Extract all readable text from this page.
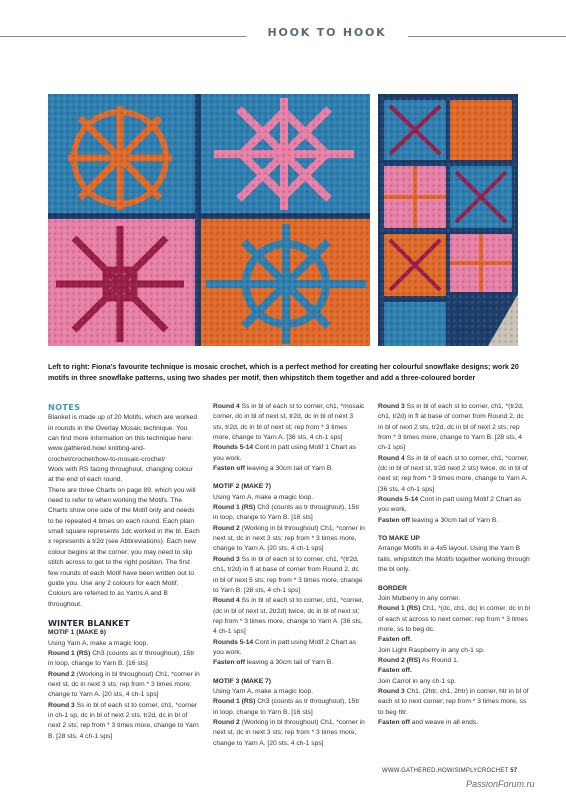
HOOK TO HOOK
Left to right: Fiona’s favourite technique is mosaic crochet, which is a perfect method for creating her colourful snowflake designs; work 20 motifs in three snowflake patterns, using two shades per motif, then whipstitch them together and add a three-coloured border
NOTES

Blanket is made up of 20 Motifs, which are worked in rounds in the Overlay Mosaic technique. You can find more information on this technique here: www.gathered.how/ knitting-and-crochet/crochet/how-to-mosaic-crochet/

Work with RS facing throughout, changing colour at the end of each round.

There are three Charts on page 89, which you will need to refer to when working the Motifs. The Charts show one side of the Motif only and needs to be repeated 4 times on each round. Each plain small square represents 1dc worked in the bl. Each x represents a tr2d (see Abbreviations). Each new colour begins at the corner; you may need to slip stitch across to get to the right position. The first few rounds of each Motif have been written out to guide you. Use any 2 colours for each Motif. Colours are referred to as Yarns A and B throughout.

WINTER BLANKET
MOTIF 1 (MAKE 6)

Using Yarn A, make a magic loop.

Round 1 (RS) Ch3 (counts as tr throughout), 15tr in loop, change to Yarn B. [16 sts]

Round 2 (Working in bl throughout) Ch1, *corner in next st, dc in next 3 sts; rep from * 3 times more, change to Yarn A. [20 sts, 4 ch-1 sps]

Round 3 Ss in bl of each st to corner, ch1, *corner in ch-1 sp, dc in bl of next 2 sts, tr2d, dc in bl of next 2 sts; rep from * 3 times more, change to Yarn B. [28 sts, 4 ch-1 sps]

Round 4 Ss in bl of each st to corner, ch1, *mosaic corner, dc in bl of next st, tr2d, dc in bl of next 3 sts, tr2d, dc in bl of next st; rep from * 3 times more, change to Yarn A. [36 sts, 4 ch-1 sps]

Rounds 5-14 Cont in patt using Motif 1 Chart as you work.

Fasten off leaving a 30cm tail of Yarn B.

MOTIF 2 (MAKE 7)

Using Yarn A, make a magic loop.

Round 1 (RS) Ch3 (counts as tr throughout), 15tr in loop, change to Yarn B. [16 sts]

Round 2 (Working in bl throughout) Ch1, *corner in next st, dc in next 3 sts; rep from * 3 times more, change to Yarn A. [20 sts, 4 ch-1 sps]

Round 3 Ss in bl of each st to corner, ch1, *(tr2d, ch1, tr2d) in fl at base of corner from Round 2, dc in bl of next 5 sts; rep from * 3 times more, change to Yarn B. [28 sts, 4 ch-1 sps]

Round 4 Ss in bl of each st to corner, ch1, *corner, (dc in bl of next st, 2tr2d) twice, dc in bl of next st; rep from * 3 times more, change to Yarn A. [36 sts, 4 ch-1 sps]

Rounds 5-14 Cont in patt using Motif 2 Chart as you work.

Fasten off leaving a 30cm tail of Yarn B.

MOTIF 3 (MAKE 7)

Using Yarn A, make a magic loop.

Round 1 (RS) Ch3 (counts as tr throughout), 15tr in loop, change to Yarn B. [16 sts]

Round 2 (Working in bl throughout) Ch1, *corner in next st, dc in next 3 sts; rep from * 3 times more, change to Yarn A. [20 sts, 4 ch-1 sps]

Round 3 Ss in bl of each st to corner, ch1, *(tr2d, ch1, tr2d) in fl at base of corner from Round 2, dc in bl of next 2 sts, tr2d, dc in bl of next 2 sts; rep from * 3 times more, change to Yarn B. [28 sts, 4 ch-1 sps]

Round 4 Ss in bl of each st to corner, ch1, *corner, (dc in bl of next st, tr2d next 2 sts) twice, dc in bl of next st; rep from * 3 times more, change to Yarn A. [36 sts, 4 ch-1 sps]

Rounds 5-14 Cont in patt using Motif 2 Chart as you work.

Fasten off leaving a 30cm tail of Yarn B.

TO MAKE UP

Arrange Motifs in a 4x5 layout. Using the Yarn B tails, whipstitch the Motifs together working through the bl only.

BORDER

Join Mulberry in any corner.

Round 1 (RS) Ch1, *(dc, ch1, dc) in corner, dc in bl of each st across to next corner; rep from * 3 times more, ss to beg dc.

Fasten off.

Join Light Raspberry in any ch-1 sp.

Round 2 (RS) As Round 1.

Fasten off.

Join Carrot in any ch-1 sp.

Round 3 Ch1, (2htr, ch1, 2htr) in corner, htr in bl of each st to next corner; rep from * 3 times more, ss to beg htr.

Fasten off and weave in all ends.

WWW.GATHERED.HOW/SIMPLYCROCHET 57
PassionForum.ru
